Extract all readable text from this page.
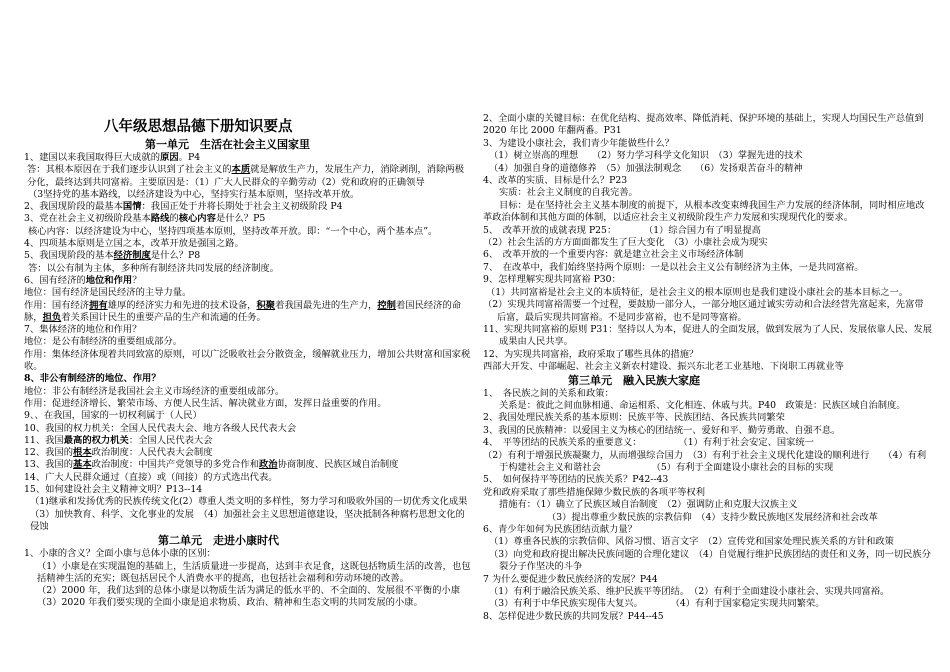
八年级思想品德下册知识要点
第一单元　生活在社会主义国家里

1、建国以来我国取得巨大成就的原因。P4

答：其根本原因在于我们逐步认识到了社会主义的本质就是解放生产力，发展生产力，消除剥削，消除两极分化，最终达到共同富裕。主要原因是：（1）广大人民群众的辛勤劳动（2）党和政府的正确领导

（3坚持党的基本路线，以经济建设为中心，坚持实行基本原则，坚持改革开放。

2、我国现阶段的最基本国情：我国正处于并将长期处于社会主义初级阶段 P4

3、党在社会主义初级阶段基本路线的核心内容是什么？P5

核心内容：以经济建设为中心，坚持四项基本原则，坚持改革开放。即：“一个中心，两个基本点”。

4、四项基本原则是立国之本，改革开放是强国之路。

5、我国现阶段的基本经济制度是什么？P8

答：以公有制为主体，多种所有制经济共同发展的经济制度。

6、国有经济的地位和作用？

地位：国有经济是国民经济的主导力量。

作用：国有经济拥有雄厚的经济实力和先进的技术设备，积聚着我国最先进的生产力，控制着国民经济的命脉，担负着关系国计民生的重要产品的生产和流通的任务。

7、集体经济的地位和作用？

地位：是公有制经济的重要组成部分。

作用：集体经济体现着共同致富的原则，可以广泛吸收社会分散资金，缓解就业压力，增加公共财富和国家税收。

8、非公有制经济的地位、作用？

地位：非公有制经济是我国社会主义市场经济的重要组成部分。

作用：促进经济增长、繁荣市场、方便人民生活、解决就业方面，发挥日益重要的作用。

9、、在我国，国家的一切权利属于（人民）

10、我国的权力机关：全国人民代表大会、地方各级人民代表大会

11、我国最高的权力机关：全国人民代表大会

12、我国的根本政治制度：人民代表大会制度

13、我国的基本政治制度：中国共产党领导的多党合作和政治协商制度、民族区域自治制度

14、广大人民群众通过（直接）或（间接）的方式选出代表。

15、如何建设社会主义精神文明？P13--14

（1)继承和发扬优秀的民族传统文化(2）尊重人类文明的多样性，努力学习和吸收外国的一切优秀文化成果　（3）加快教育、科学、文化事业的发展　（4）加强社会主义思想道德建设，坚决抵制各种腐朽思想文化的侵蚀

第二单元　走进小康时代

1、小康的含义？全面小康与总体小康的区别：

（1）小康是在实现温饱的基础上，生活质量进一步提高，达到丰衣足食，这既包括物质生活的改善，也包括精神生活的充实；既包括居民个人消费水平的提高，也包括社会福利和劳动环境的改善。

（2）2000 年，我们达到的总体小康是以物质生活为满足的低水平的、不全面的、发展很不平衡的小康

（3）2020 年我们要实现的全面小康是追求物质、政治、精神和生态文明的共同发展的小康。

2、全面小康的关键目标：在优化结构、提高效率、降低消耗、保护环境的基础上，实现人均国民生产总值到 2020 年比 2000 年翻两番。P31

3、为建设小康社会，我们青少年能做些什么？

（1）树立崇高的理想　　（2）努力学习科学文化知识　（3）掌握先进的技术

（4）加强自身的道德修养　（5）加强法制观念　　（6）发扬艰苦奋斗的精神

4、改革的实质、目标是什么？P23

实质：社会主义制度的自我完善。

目标：是在坚持社会主义基本制度的前提下，从根本改变束缚我国生产力发展的经济体制，同时相应地改革政治体制和其他方面的体制，以适应社会主义初级阶段生产力发展和实现现代化的要求。

5、　改革开放的成就表现 P25：　　　　（1）综合国力有了明显提高

（2）社会生活的方方面面都发生了巨大变化　（3）小康社会成为现实

6、　改革开放的一个重要内容：就是建立社会主义市场经济体制

7、　在改革中，我们始终坚持两个原则：一是以社会主义公有制经济为主体，一是共同富裕。

9、怎样理解实现共同富裕 P30：

（1）共同富裕是社会主义的本质特征，是社会主义的根本原则也是我们建设小康社会的基本目标之一。

（2）实现共同富裕需要一个过程，要鼓励一部分人，一部分地区通过诚实劳动和合法经营先富起来，先富带后富，最后实现共同富裕。不是同步富裕，也不是同等富裕。

11、实现共同富裕的原则 P31：坚持以人为本，促进人的全面发展，做到发展为了人民、发展依靠人民、发展成果由人民共享。

12、为实现共同富裕，政府采取了哪些具体的措施？

西部大开发、中部崛起、社会主义新农村建设、振兴东北老工业基地、下岗职工再就业等

第三单元　融入民族大家庭

1、　各民族之间的关系和政策：

关系是：彼此之间血脉相通、命运相系、文化相连、休戚与共。P40　政策是：民族区域自治制度。

2、我国处理民族关系的基本原则：民族平等、民族团结、各民族共同繁荣

3、我国的民族精神：以爱国主义为核心的团结统一、爱好和平、勤劳勇敢、自强不息。

4、　平等团结的民族关系的重要意义：　　　　　（1）有利于社会安定、国家统一

（2）有利于增强民族凝聚力，从而增强综合国力　（3）有利于社会主义现代化建设的顺利进行　　（4）有利于构建社会主义和谐社会　　　　　　（5）有利于全面建设小康社会的目标的实现

5、　如何保持平等团结的民族关系？P42--43

党和政府采取了那些措施保障少数民族的各项平等权利

措施有：（1）确立了民族区域自治制度　（2）强调防止和克服大汉族主义

（3）提出尊重少数民族的宗教信仰　（4）支持少数民族地区发展经济和社会改革

6、青少年如何为民族团结贡献力量？

（1）尊重各民族的宗教信仰、风俗习惯、语言文字　（2）宣传党和国家处理民族关系的方针和政策

（3）向党和政府提出解决民族问题的合理化建议　（4）自觉履行维护民族团结的责任和义务，同一切民族分裂分子作坚决的斗争

7 为什么要促进少数民族经济的发展？P44

（1）有利于融洽民族关系、维护民族平等团结。　（2）有利于全面建设小康社会、实现共同富裕。

（3）有利于中华民族实现伟大复兴。　　　　（4）有利于国家稳定实现共同繁荣。

8、怎样促进少数民族的共同发展？P44--45
